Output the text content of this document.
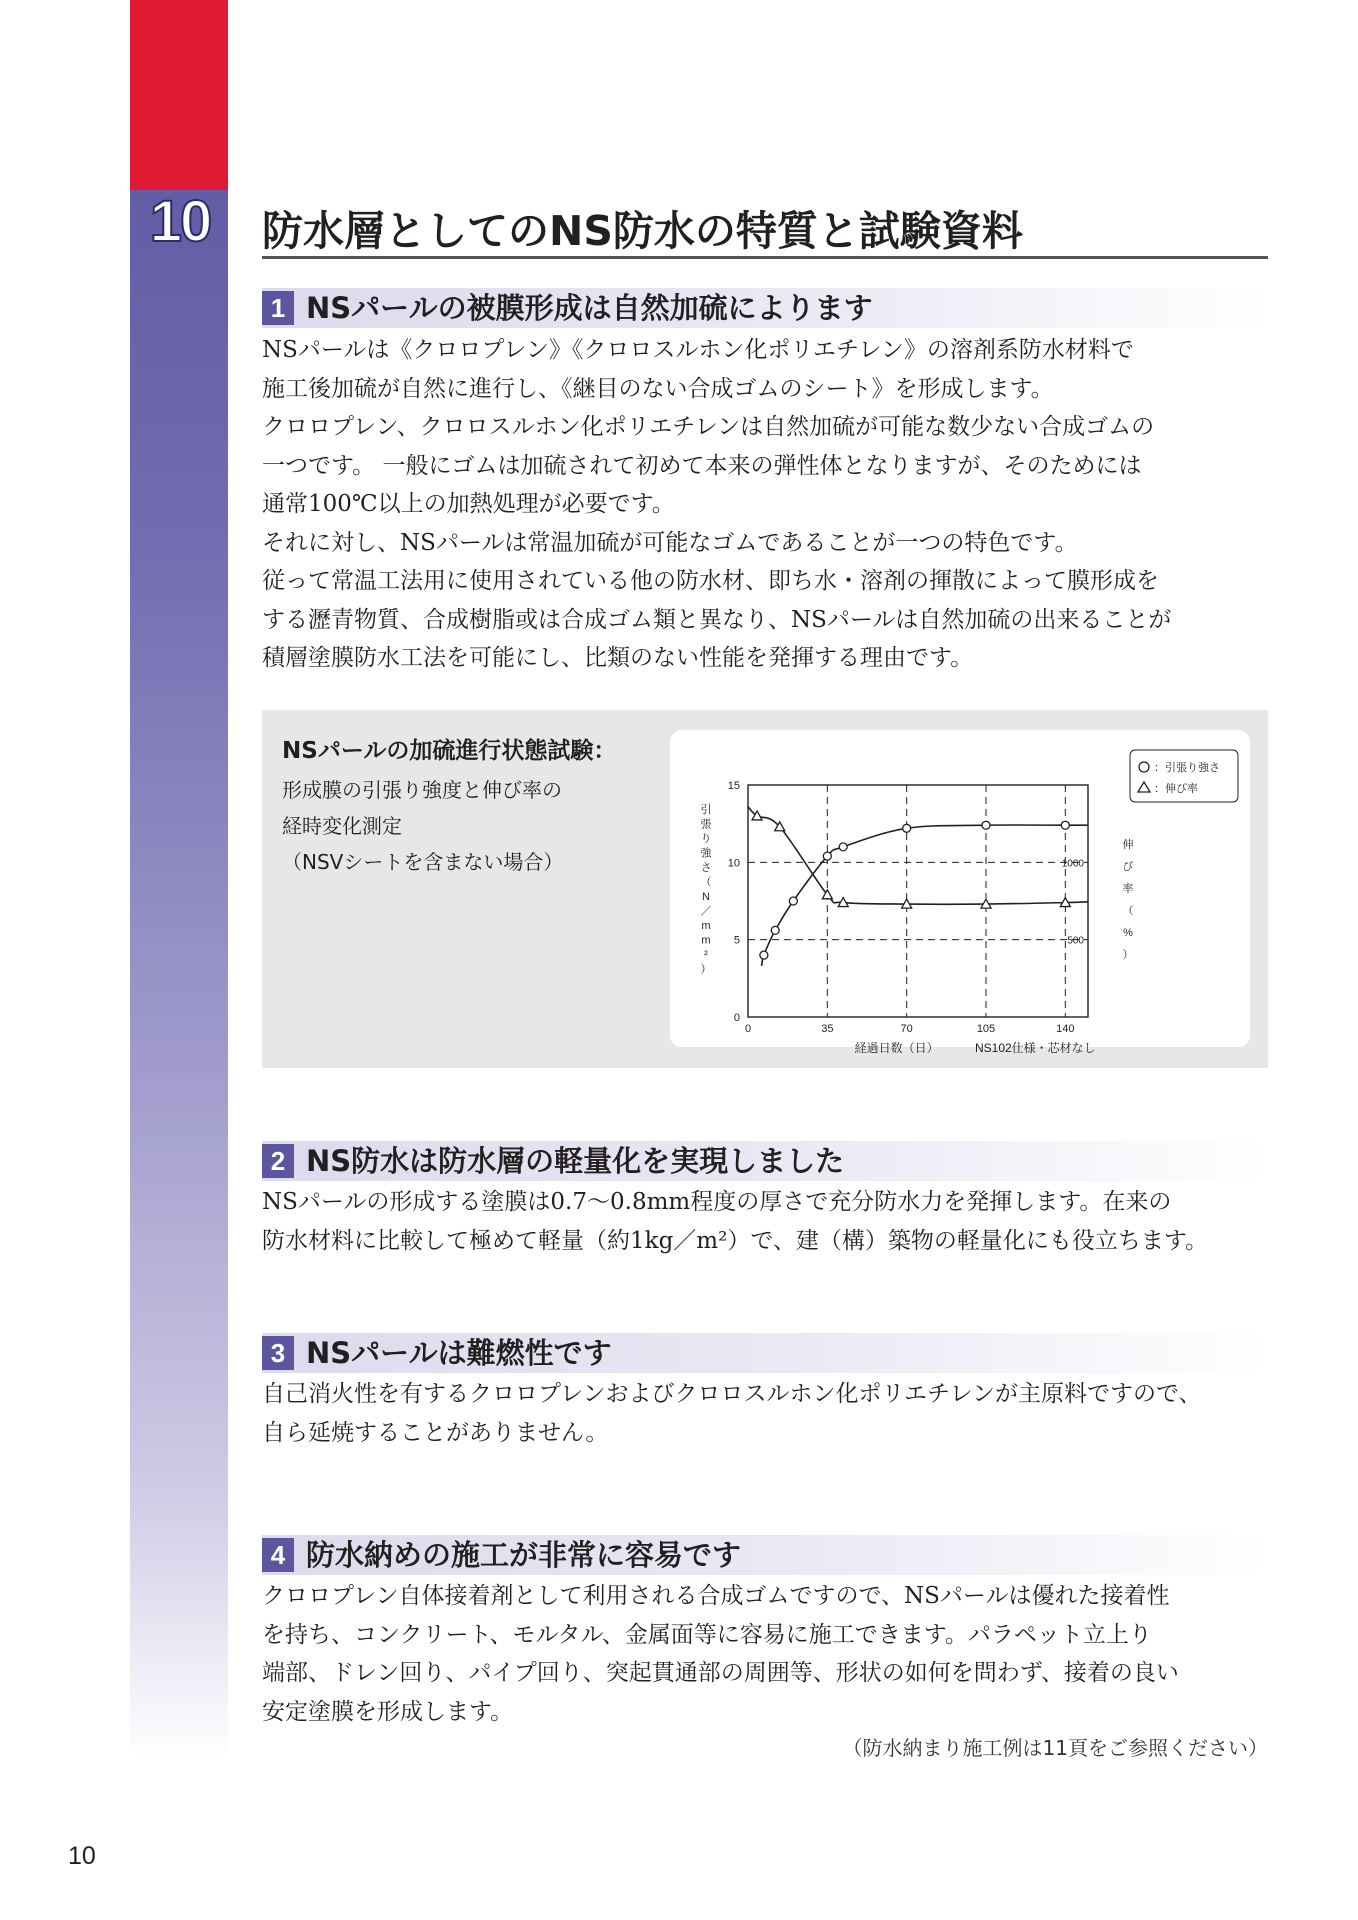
10	防水層としてのNS防水の特質と試験資料
1 NSパールの被膜形成は自然加硫によります

NSパールは《クロロプレン》《クロロスルホン化ポリエチレン》の溶剤系防水材料で

施工後加硫が自然に進行し、《継目のない合成ゴムのシート》を形成します。

クロロプレン、クロロスルホン化ポリエチレンは自然加硫が可能な数少ない合成ゴムの

一つです。 一般にゴムは加硫されて初めて本来の弾性体となりますが、そのためには

通常100℃以上の加熱処理が必要です。

それに対し、NSパールは常温加硫が可能なゴムであることが一つの特色です。

従って常温工法用に使用されている他の防水材、即ち水・溶剤の揮散によって膜形成を

する瀝青物質、合成樹脂或は合成ゴム類と異なり、NSパールは自然加硫の出来ることが

積層塗膜防水工法を可能にし、比類のない性能を発揮する理由です。

NSパールの加硫進行状態試験：
形成膜の引張り強度と伸び率の
経時変化測定
（NSVシートを含まない場合）
0	35	70	105	140
0
5
10
15
500
1000
引張り強さ（ N ／ m m ² ）
伸び率（%）
経過日数（日）	NS102仕様・芯材なし
：引張り強さ
：伸び率
2 NS防水は防水層の軽量化を実現しました

NSパールの形成する塗膜は0.7～0.8mm程度の厚さで充分防水力を発揮します。在来の

防水材料に比較して極めて軽量（約1kg／m²）で、建（構）築物の軽量化にも役立ちます。

3 NSパールは難燃性です

自己消火性を有するクロロプレンおよびクロロスルホン化ポリエチレンが主原料ですので、

自ら延焼することがありません。

4 防水納めの施工が非常に容易です

クロロプレン自体接着剤として利用される合成ゴムですので、NSパールは優れた接着性

を持ち、コンクリート、モルタル、金属面等に容易に施工できます。パラペット立上り

端部、ドレン回り、パイプ回り、突起貫通部の周囲等、形状の如何を問わず、接着の良い

安定塗膜を形成します。

（防水納まり施工例は11頁をご参照ください）
10
